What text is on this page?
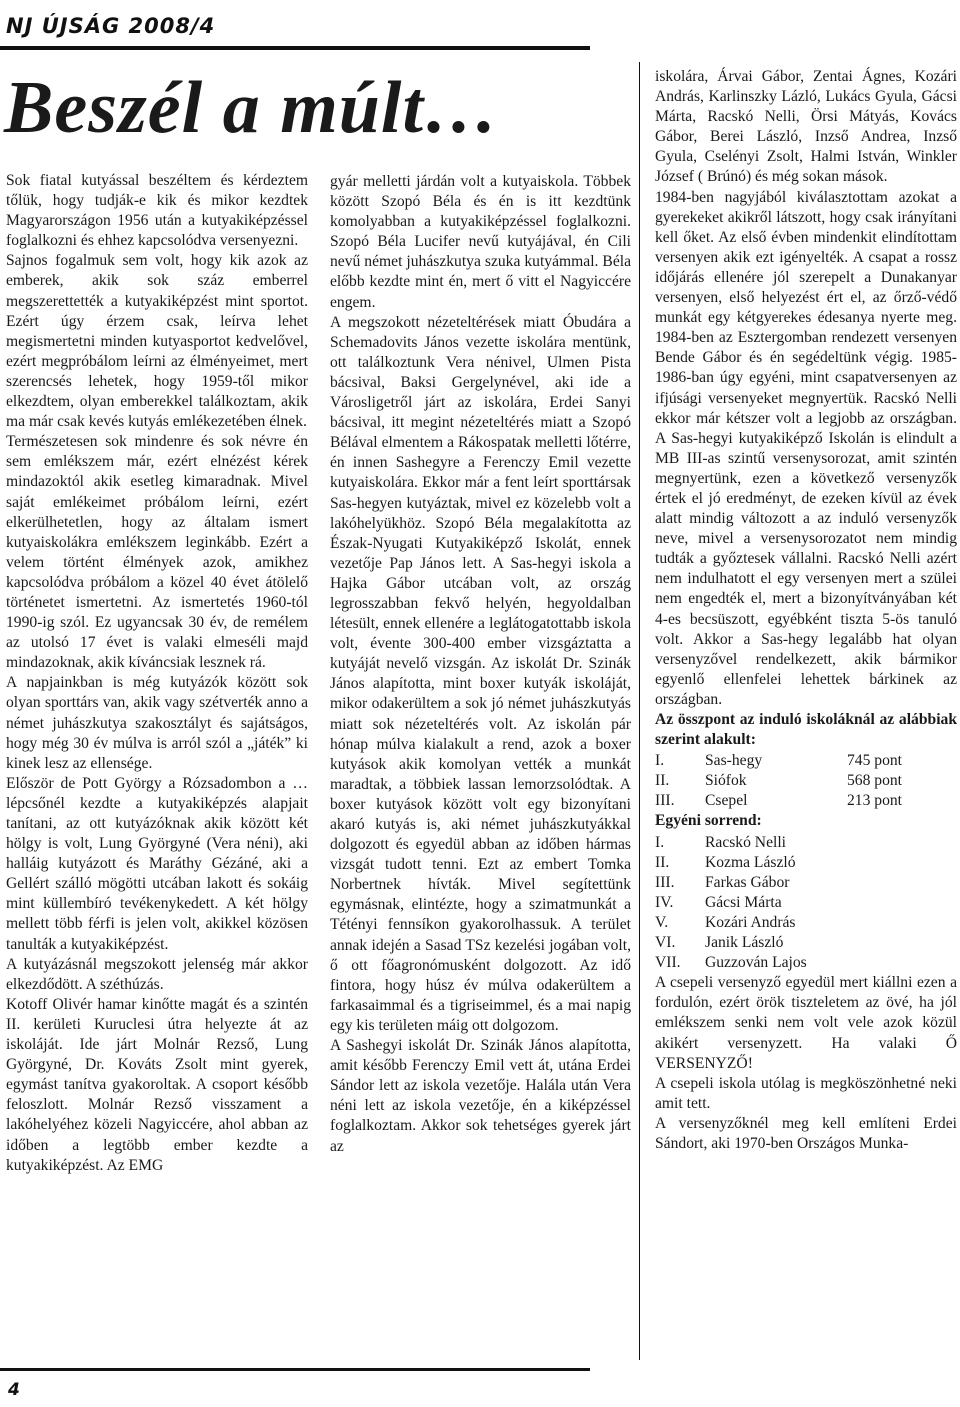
NJ ÚJSÁG 2008/4
Beszél a múlt…

Sok fiatal kutyással beszéltem és kérdeztem tőlük, hogy tudják-e kik és mikor kezdtek Magyarországon 1956 után a kutyakiképzéssel foglalkozni és ehhez kapcsolódva versenyezni.

Sajnos fogalmuk sem volt, hogy kik azok az emberek, akik sok száz emberrel megszerettették a kutyakiképzést mint sportot. Ezért úgy érzem csak, leírva lehet megismertetni minden kutyasportot kedvelővel, ezért megpróbálom leírni az élményeimet, mert szerencsés lehetek, hogy 1959-től mikor elkezdtem, olyan emberekkel találkoztam, akik ma már csak kevés kutyás emlékezetében élnek.

Természetesen sok mindenre és sok névre én sem emlékszem már, ezért elnézést kérek mindazoktól akik esetleg kimaradnak. Mivel saját emlékeimet próbálom leírni, ezért elkerülhetetlen, hogy az általam ismert kutyaiskolákra emlékszem leginkább. Ezért a velem történt élmények azok, amikhez kapcsolódva próbálom a közel 40 évet átölelő történetet ismertetni. Az ismertetés 1960-tól 1990-ig szól. Ez ugyancsak 30 év, de remélem az utolsó 17 évet is valaki elmeséli majd mindazoknak, akik kíváncsiak lesznek rá.

A napjainkban is még kutyázók között sok olyan sporttárs van, akik vagy szétverték anno a német juhászkutya szakosztályt és sajátságos, hogy még 30 év múlva is arról szól a „játék” ki kinek lesz az ellensége.

Először de Pott György a Rózsadombon a … lépcsőnél kezdte a kutyakiképzés alapjait tanítani, az ott kutyázóknak akik között két hölgy is volt, Lung Györgyné (Vera néni), aki halláig kutyázott és Maráthy Gézáné, aki a Gellért szálló mögötti utcában lakott és sokáig mint küllembíró tevékenykedett. A két hölgy mellett több férfi is jelen volt, akikkel közösen tanulták a kutyakiképzést.

A kutyázásnál megszokott jelenség már akkor elkezdődött. A széthúzás.

Kotoff Olivér hamar kinőtte magát és a szintén II. kerületi Kuruclesi útra helyezte át az iskoláját. Ide járt Molnár Rezső, Lung Györgyné, Dr. Kováts Zsolt mint gyerek, egymást tanítva gyakoroltak. A csoport később feloszlott. Molnár Rezső visszament a lakóhelyéhez közeli Nagyiccére, ahol abban az időben a legtöbb ember kezdte a kutyakiképzést. Az EMG

gyár melletti járdán volt a kutyaiskola. Többek között Szopó Béla és én is itt kezdtünk komolyabban a kutyakiképzéssel foglalkozni. Szopó Béla Lucifer nevű kutyájával, én Cili nevű német juhászkutya szuka kutyámmal. Béla előbb kezdte mint én, mert ő vitt el Nagyiccére engem.

A megszokott nézeteltérések miatt Óbudára a Schemadovits János vezette iskolára mentünk, ott találkoztunk Vera nénivel, Ulmen Pista bácsival, Baksi Gergelynével, aki ide a Városligetről járt az iskolára, Erdei Sanyi bácsival, itt megint nézeteltérés miatt a Szopó Bélával elmentem a Rákospatak melletti lőtérre, én innen Sashegyre a Ferenczy Emil vezette kutyaiskolára. Ekkor már a fent leírt sporttársak Sas-hegyen kutyáztak, mivel ez közelebb volt a lakóhelyükhöz. Szopó Béla megalakította az Észak-Nyugati Kutyakiképző Iskolát, ennek vezetője Pap János lett. A Sas-hegyi iskola a Hajka Gábor utcában volt, az ország legrosszabban fekvő helyén, hegyoldalban létesült, ennek ellenére a leglátogatottabb iskola volt, évente 300-400 ember vizsgáztatta a kutyáját nevelő vizsgán. Az iskolát Dr. Szinák János alapította, mint boxer kutyák iskoláját, mikor odakerültem a sok jó német juhászkutyás miatt sok nézeteltérés volt. Az iskolán pár hónap múlva kialakult a rend, azok a boxer kutyások akik komolyan vették a munkát maradtak, a többiek lassan lemorzsolódtak. A boxer kutyások között volt egy bizonyítani akaró kutyás is, aki német juhászkutyákkal dolgozott és egyedül abban az időben hármas vizsgát tudott tenni. Ezt az embert Tomka Norbertnek hívták. Mivel segítettünk egymásnak, elintézte, hogy a szimatmunkát a Tétényi fennsíkon gyakorolhassuk. A terület annak idején a Sasad TSz kezelési jogában volt, ő ott főagronómusként dolgozott. Az idő fintora, hogy húsz év múlva odakerültem a farkasaimmal és a tigriseimmel, és a mai napig egy kis területen máig ott dolgozom.

A Sashegyi iskolát Dr. Szinák János alapította, amit később Ferenczy Emil vett át, utána Erdei Sándor lett az iskola vezetője. Halála után Vera néni lett az iskola vezetője, én a kiképzéssel foglalkoztam. Akkor sok tehetséges gyerek járt az

iskolára, Árvai Gábor, Zentai Ágnes, Kozári András, Karlinszky Lázló, Lukács Gyula, Gácsi Márta, Racskó Nelli, Örsi Mátyás, Kovács Gábor, Berei László, Inzső Andrea, Inzső Gyula, Cselényi Zsolt, Halmi István, Winkler József ( Brúnó) és még sokan mások.

1984-ben nagyjából kiválasztottam azokat a gyerekeket akikről látszott, hogy csak irányítani kell őket. Az első évben mindenkit elindítottam versenyen akik ezt igényelték. A csapat a rossz időjárás ellenére jól szerepelt a Dunakanyar versenyen, első helyezést ért el, az őrző-védő munkát egy kétgyerekes édesanya nyerte meg. 1984-ben az Esztergomban rendezett versenyen Bende Gábor és én segédeltünk végig. 1985-1986-ban úgy egyéni, mint csapatversenyen az ifjúsági versenyeket megnyertük. Racskó Nelli ekkor már kétszer volt a legjobb az országban. A Sas-hegyi kutyakiképző Iskolán is elindult a MB III-as szintű versenysorozat, amit szintén megnyertünk, ezen a következő versenyzők értek el jó eredményt, de ezeken kívül az évek alatt mindig változott a az induló versenyzők neve, mivel a versenysorozatot nem mindig tudták a győztesek vállalni. Racskó Nelli azért nem indulhatott el egy versenyen mert a szülei nem engedték el, mert a bizonyítványában két 4-es becsüszott, egyébként tiszta 5-ös tanuló volt. Akkor a Sas-hegy legalább hat olyan versenyzővel rendelkezett, akik bármikor egyenlő ellenfelei lehettek bárkinek az országban.

Az összpont az induló iskoláknál az alábbiak szerint alakult:

I.	Sas-hegy	745 pont
II.	Siófok	568 pont
III.	Csepel	213 pont

Egyéni sorrend:

I.	Racskó Nelli
II.	Kozma László
III.	Farkas Gábor
IV.	Gácsi Márta
V.	Kozári András
VI.	Janik László
VII.	Guzzován Lajos

A csepeli versenyző egyedül mert kiállni ezen a fordulón, ezért örök tiszteletem az övé, ha jól emlékszem senki nem volt vele azok közül akikért versenyzett. Ha valaki Ő VERSENYZŐ!

A csepeli iskola utólag is megköszönhetné neki amit tett.

A versenyzőknél meg kell említeni Erdei Sándort, aki 1970-ben Országos Munka-

4
